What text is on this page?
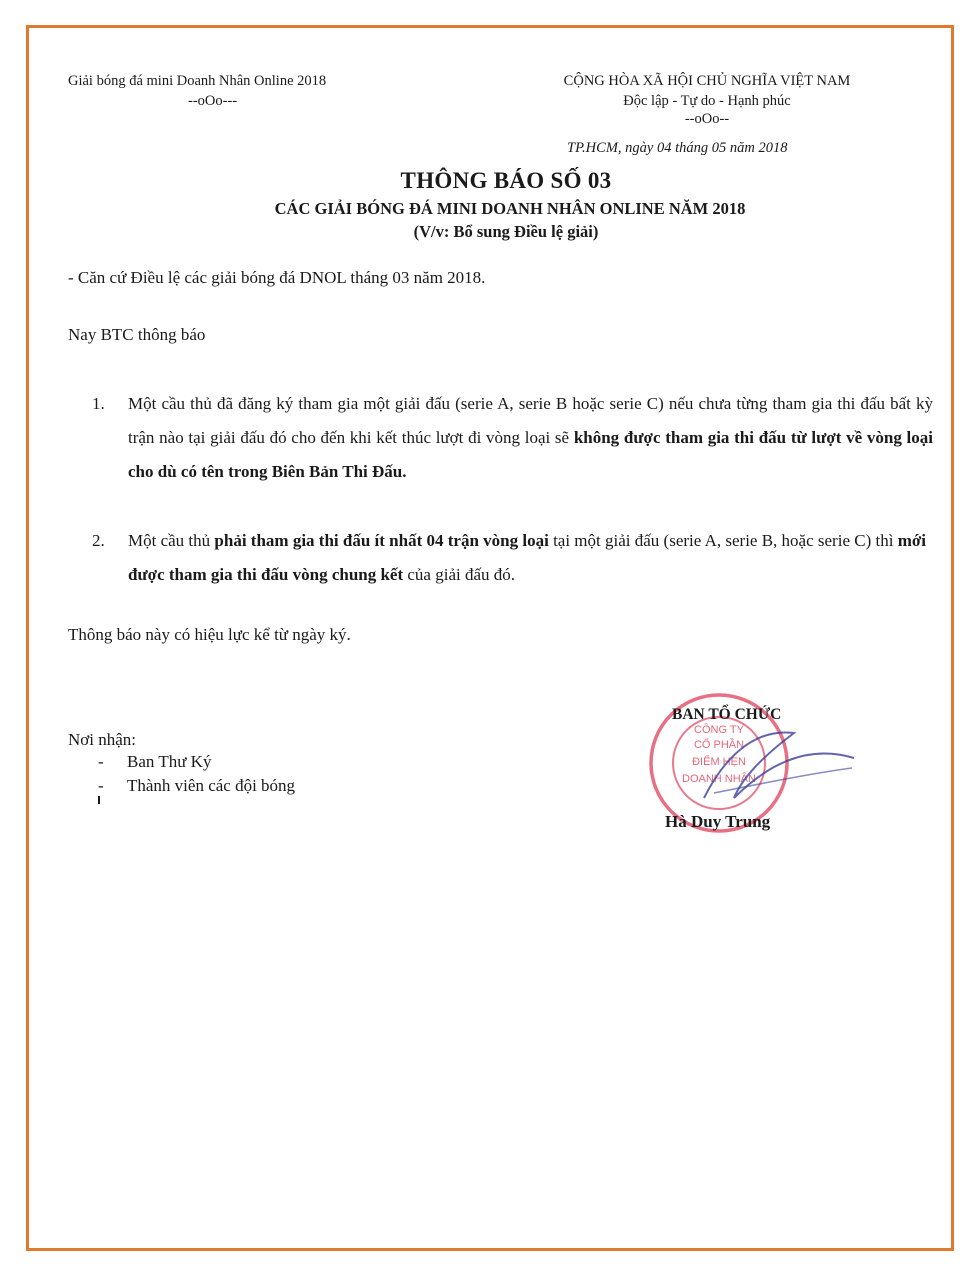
Giải bóng đá mini Doanh Nhân Online 2018
--oOo---
CỘNG HÒA XÃ HỘI CHỦ NGHĨA VIỆT NAM
Độc lập - Tự do - Hạnh phúc
--oOo--
TP.HCM, ngày 04 tháng 05 năm 2018
THÔNG BÁO SỐ 03
CÁC GIẢI BÓNG ĐÁ MINI DOANH NHÂN ONLINE NĂM 2018
(V/v: Bổ sung Điều lệ giải)
- Căn cứ Điều lệ các giải bóng đá DNOL tháng 03 năm 2018.
Nay BTC thông báo
1. Một cầu thủ đã đăng ký tham gia một giải đấu (serie A, serie B hoặc serie C) nếu chưa từng tham gia thi đấu bất kỳ trận nào tại giải đấu đó cho đến khi kết thúc lượt đi vòng loại sẽ không được tham gia thi đấu từ lượt về vòng loại cho dù có tên trong Biên Bản Thi Đấu.
2. Một cầu thủ phải tham gia thi đấu ít nhất 04 trận vòng loại tại một giải đấu (serie A, serie B, hoặc serie C) thì mới được tham gia thi đấu vòng chung kết của giải đấu đó.
Thông báo này có hiệu lực kể từ ngày ký.
Nơi nhận:
- Ban Thư Ký
- Thành viên các đội bóng
CÔNG TY
CỔ PHẦN
ĐIỂM HẸN
DOANH NHÂN
BAN TỔ CHỨC
Hà Duy Trung
